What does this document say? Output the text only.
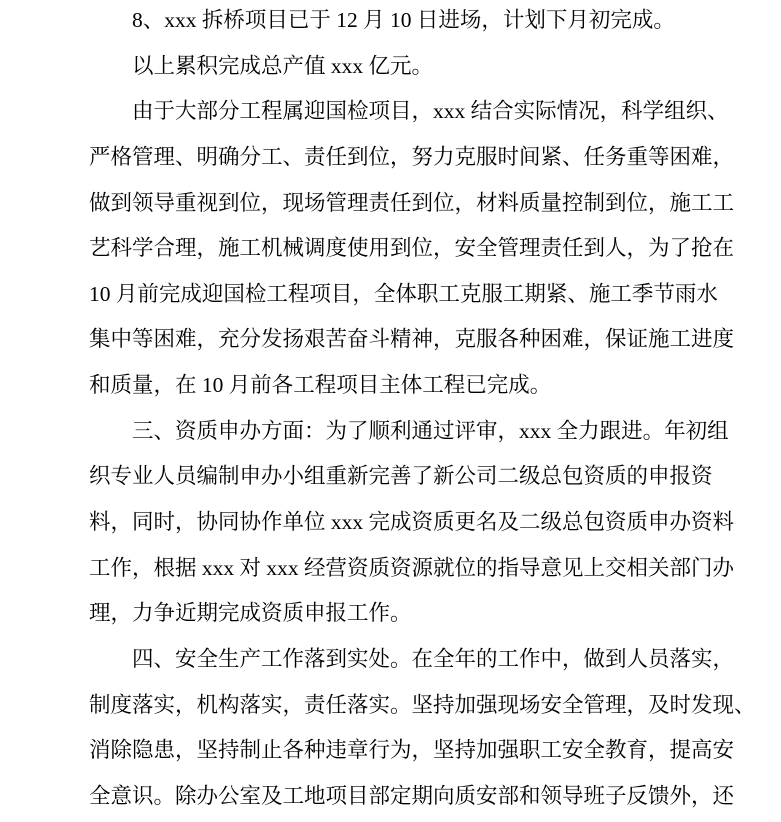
8、xxx 拆桥项目已于 12 月 10 日进场，计划下月初完成。
以上累积完成总产值 xxx 亿元。
由于大部分工程属迎国检项目，xxx 结合实际情况，科学组织、
严格管理、明确分工、责任到位，努力克服时间紧、任务重等困难，
做到领导重视到位，现场管理责任到位，材料质量控制到位，施工工
艺科学合理，施工机械调度使用到位，安全管理责任到人，为了抢在
10 月前完成迎国检工程项目，全体职工克服工期紧、施工季节雨水
集中等困难，充分发扬艰苦奋斗精神，克服各种困难，保证施工进度
和质量，在 10 月前各工程项目主体工程已完成。
三、资质申办方面：为了顺利通过评审，xxx 全力跟进。年初组
织专业人员编制申办小组重新完善了新公司二级总包资质的申报资
料，同时，协同协作单位 xxx 完成资质更名及二级总包资质申办资料
工作，根据 xxx 对 xxx 经营资质资源就位的指导意见上交相关部门办
理，力争近期完成资质申报工作。
四、安全生产工作落到实处。在全年的工作中，做到人员落实，
制度落实，机构落实，责任落实。坚持加强现场安全管理，及时发现、
消除隐患，坚持制止各种违章行为，坚持加强职工安全教育，提高安
全意识。除办公室及工地项目部定期向质安部和领导班子反馈外，还
